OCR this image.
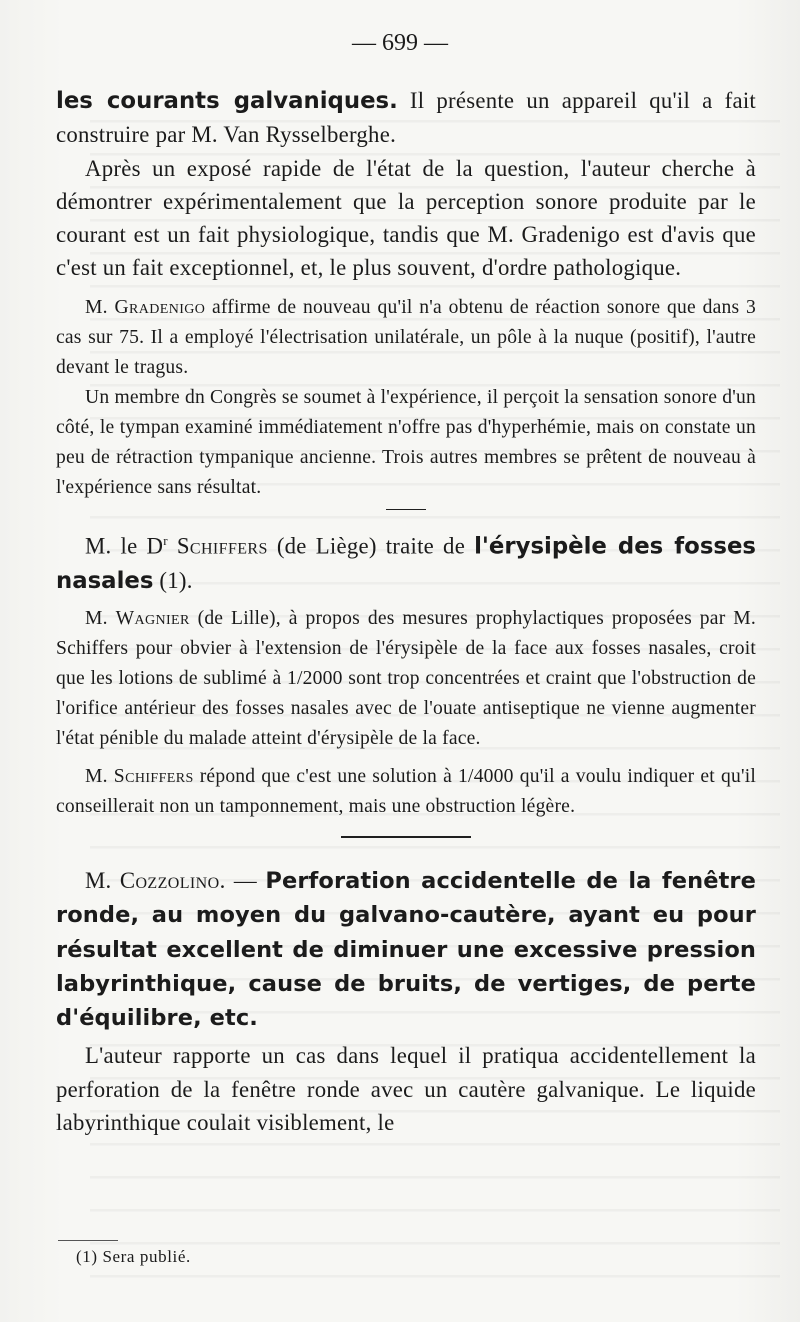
— 699 —

les courants galvaniques. Il présente un appareil qu'il a fait construire par M. Van Rysselberghe.

Après un exposé rapide de l'état de la question, l'auteur cherche à démontrer expérimentalement que la perception sonore produite par le courant est un fait physiologique, tandis que M. Gradenigo est d'avis que c'est un fait exceptionnel, et, le plus souvent, d'ordre pathologique.

M. Gradenigo affirme de nouveau qu'il n'a obtenu de réaction sonore que dans 3 cas sur 75. Il a employé l'électrisation unilatérale, un pôle à la nuque (positif), l'autre devant le tragus.

Un membre dn Congrès se soumet à l'expérience, il perçoit la sensation sonore d'un côté, le tympan examiné immédiatement n'offre pas d'hyperhémie, mais on constate un peu de rétraction tympanique ancienne. Trois autres membres se prêtent de nouveau à l'expérience sans résultat.

M. le $D^r$ Schiffers (de Liège) traite de l'érysipèle des fosses nasales (1).

M. Wagnier (de Lille), à propos des mesures prophylactiques proposées par M. Schiffers pour obvier à l'extension de l'érysipèle de la face aux fosses nasales, croit que les lotions de sublimé à 1/2000 sont trop concentrées et craint que l'obstruction de l'orifice antérieur des fosses nasales avec de l'ouate antiseptique ne vienne augmenter l'état pénible du malade atteint d'érysipèle de la face.

M. Schiffers répond que c'est une solution à 1/4000 qu'il a voulu indiquer et qu'il conseillerait non un tamponnement, mais une obstruction légère.

M. Cozzolino. — Perforation accidentelle de la fenêtre ronde, au moyen du galvano-cautère, ayant eu pour résultat excellent de diminuer une excessive pression labyrinthique, cause de bruits, de vertiges, de perte d'équilibre, etc.

L'auteur rapporte un cas dans lequel il pratiqua accidentellement la perforation de la fenêtre ronde avec un cautère galvanique. Le liquide labyrinthique coulait visiblement, le

(1) Sera publié.
